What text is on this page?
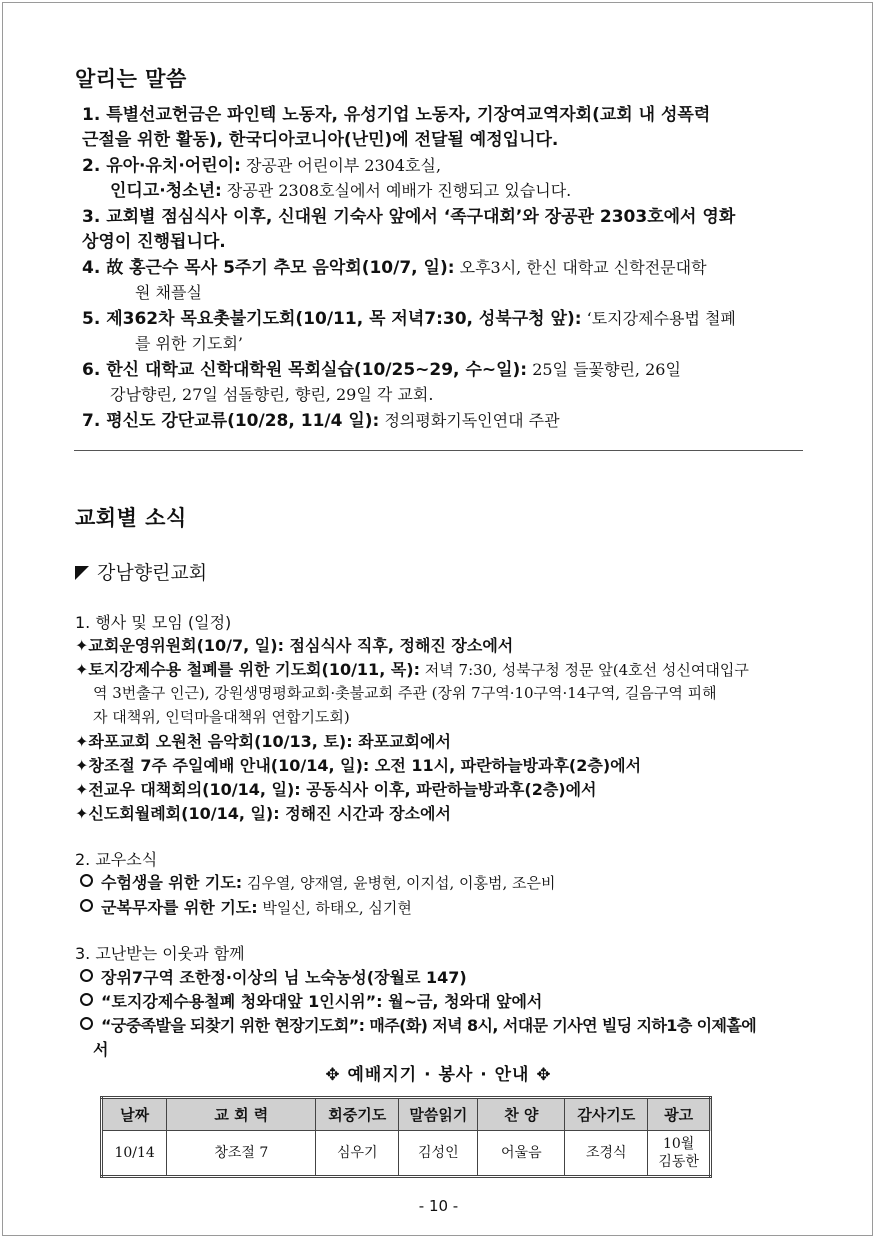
알리는 말씀
1. 특별선교헌금은 파인텍 노동자, 유성기업 노동자, 기장여교역자회(교회 내 성폭력
근절을 위한 활동), 한국디아코니아(난민)에 전달될 예정입니다.
2. 유아·유치·어린이: 장공관 어린이부 2304호실,
인디고·청소년: 장공관 2308호실에서 예배가 진행되고 있습니다.
3. 교회별 점심식사 이후, 신대원 기숙사 앞에서 ‘족구대회’와 장공관 2303호에서 영화
상영이 진행됩니다.
4. 故 홍근수 목사 5주기 추모 음악회(10/7, 일): 오후3시, 한신 대학교 신학전문대학
원 채플실
5. 제362차 목요촛불기도회(10/11, 목 저녁7:30, 성북구청 앞): ‘토지강제수용법 철폐
를 위한 기도회’
6. 한신 대학교 신학대학원 목회실습(10/25~29, 수~일): 25일 들꽃향린, 26일
강남향린, 27일 섬돌향린, 향린, 29일 각 교회.
7. 평신도 강단교류(10/28, 11/4 일): 정의평화기독인연대 주관
교회별 소식
강남향린교회
1. 행사 및 모임 (일정)
✦교회운영위원회(10/7, 일): 점심식사 직후, 정해진 장소에서
✦토지강제수용 철폐를 위한 기도회(10/11, 목): 저녁 7:30, 성북구청 정문 앞(4호선 성신여대입구
역 3번출구 인근), 강원생명평화교회·촛불교회 주관 (장위 7구역·10구역·14구역, 길음구역 피해
자 대책위, 인덕마을대책위 연합기도회)
✦좌포교회 오원천 음악회(10/13, 토): 좌포교회에서
✦창조절 7주 주일예배 안내(10/14, 일): 오전 11시, 파란하늘방과후(2층)에서
✦전교우 대책회의(10/14, 일): 공동식사 이후, 파란하늘방과후(2층)에서
✦신도회월례회(10/14, 일): 정해진 시간과 장소에서
2. 교우소식
수험생을 위한 기도: 김우열, 양재열, 윤병현, 이지섭, 이홍범, 조은비
군복무자를 위한 기도: 박일신, 하태오, 심기현
3. 고난받는 이웃과 함께
장위7구역 조한정·이상의 님 노숙농성(장월로 147)
“토지강제수용철폐 청와대앞 1인시위”: 월~금, 청와대 앞에서
“궁중족발을 되찾기 위한 현장기도회”: 매주(화) 저녁 8시, 서대문 기사연 빌딩 지하1층 이제홀에
서
✥ 예배지기 · 봉사 · 안내 ✥
날짜	교 회 력	회중기도	말씀읽기	찬 양	감사기도	광고
10/14	창조절 7	심우기	김성인	어울음	조경식	10월
김동한
- 10 -
